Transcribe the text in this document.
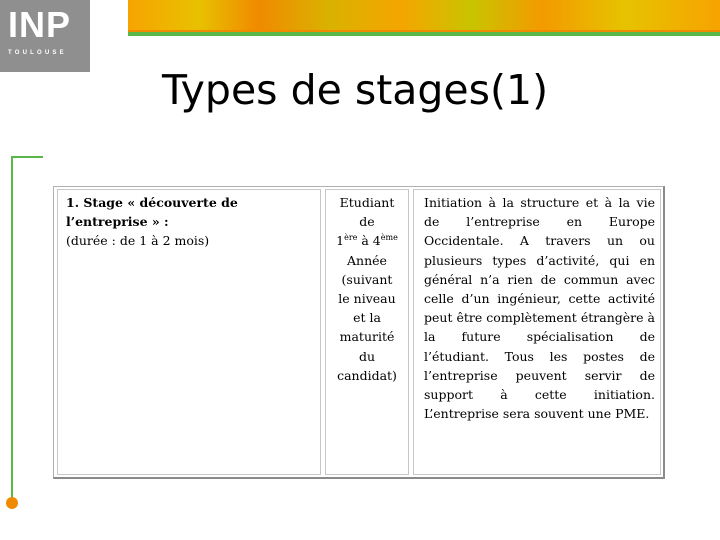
INP
TOULOUSE
Types de stages(1)
1. Stage « découverte de
l’entreprise » :
(durée : de 1 à 2 mois)
Etudiant
de
1ère à 4ème
Année
(suivant
le niveau
et la
maturité
du
candidat)
Initiation à la structure et à la vie de l’entreprise en Europe Occidentale. A travers un ou plusieurs types d’activité, qui en général n’a rien de commun avec celle d’un ingénieur, cette activité peut être complètement étrangère à la future spécialisation de l’étudiant. Tous les postes de l’entreprise peuvent servir de support à cette initiation. L’entreprise sera souvent une PME.
